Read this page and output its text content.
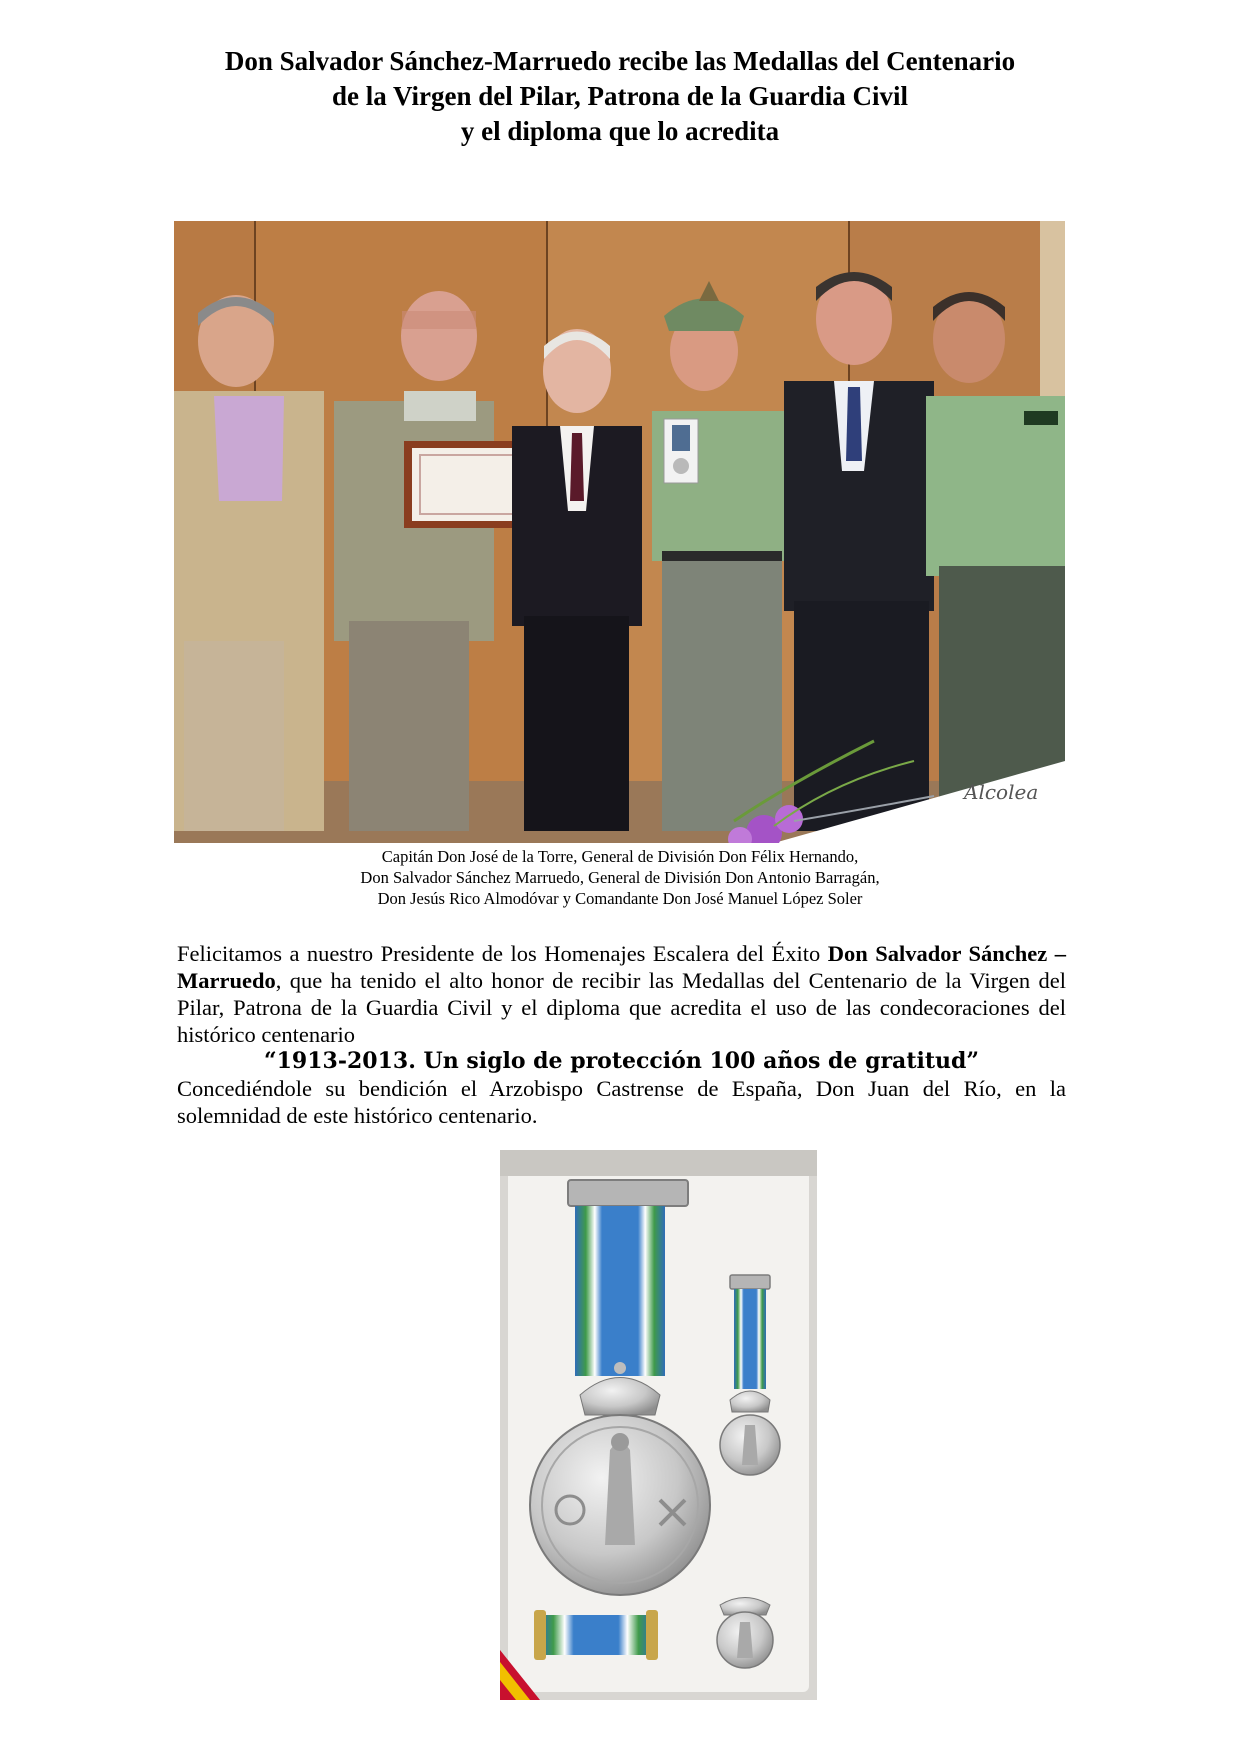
Don Salvador Sánchez-Marruedo recibe las Medallas del Centenario
de la Virgen del Pilar, Patrona de la Guardia Civil
y el diploma que lo acredita
Alcolea
Capitán Don José de la Torre, General de División Don Félix Hernando,
Don Salvador Sánchez Marruedo, General de División Don Antonio Barragán,
Don Jesús Rico Almodóvar y Comandante Don José Manuel López Soler

Felicitamos a nuestro Presidente de los Homenajes Escalera del Éxito Don Salvador Sánchez –Marruedo, que ha tenido el alto honor de recibir las Medallas del Centenario de la Virgen del Pilar, Patrona de la Guardia Civil y el diploma que acredita el uso de las condecoraciones del histórico centenario

“1913-2013. Un siglo de protección 100 años de gratitud”

Concediéndole su bendición el Arzobispo Castrense de España, Don Juan del Río, en la solemnidad de este histórico centenario.
